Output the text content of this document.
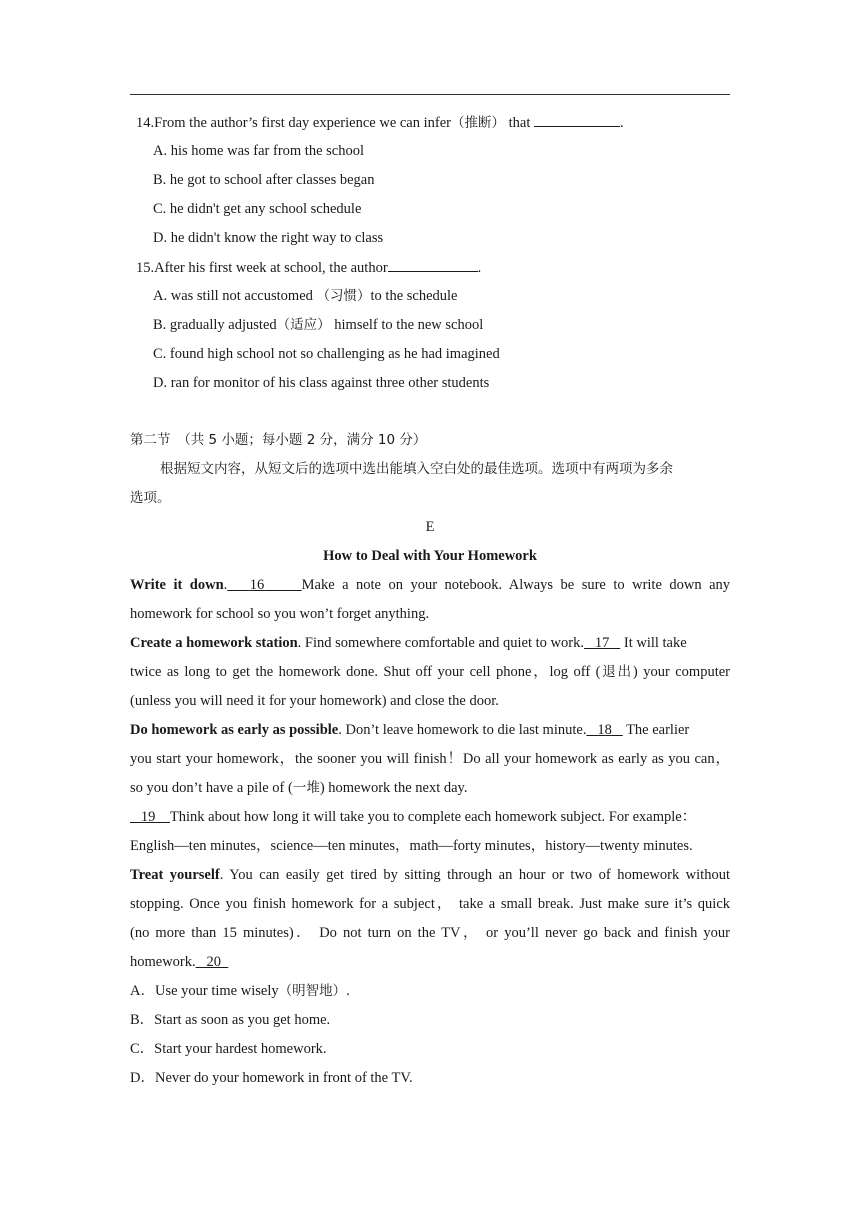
14.From the author’s first day experience we can infer（推断） that	.
A. his home was far from the school
B. he got to school after classes began
C. he didn't get any school schedule
D. he didn't know the right way to class
15.After his first week at school, the author	.
A. was still not accustomed （习惯）to the schedule
B. gradually adjusted（适应） himself to the new school
C. found high school not so challenging as he had imagined
D. ran for monitor of his class against three other students
第二节　（共 5 小题；每小题 2 分，满分 10 分）
根据短文内容，从短文后的选项中选出能填入空白处的最佳选项。选项中有两项为多余
选项。
E
How to Deal with Your Homework
Write it down. 16	Make a note on your notebook. Always be sure to write down any
homework for school so you won’t forget anything.
Create a homework station. Find somewhere comfortable and quiet to work. 17    It will take
twice as long to get the homework done. Shut off your cell phone，log off (退出) your computer
(unless you will need it for your homework) and close the door.
Do homework as early as possible. Don’t leave homework to die last minute. 18    The earlier
you start your homework，the sooner you will finish！Do all your homework as early as you can，
so you don’t have a pile of (一堆) homework the next day.
19 Think about how long it will take you to complete each homework subject. For example：
English—ten minutes，science—ten minutes，math—forty minutes，history—twenty minutes.
Treat yourself. You can easily get tired by sitting through an hour or two of homework without
stopping. Once you finish homework for a subject， take a small break. Just make sure it’s quick
(no more than 15 minutes)． Do not turn on the TV， or you’ll never go back and finish your
homework. 20
A．Use your time wisely（明智地）.
B．Start as soon as you get home.
C．Start your hardest homework.
D．Never do your homework in front of the TV.
